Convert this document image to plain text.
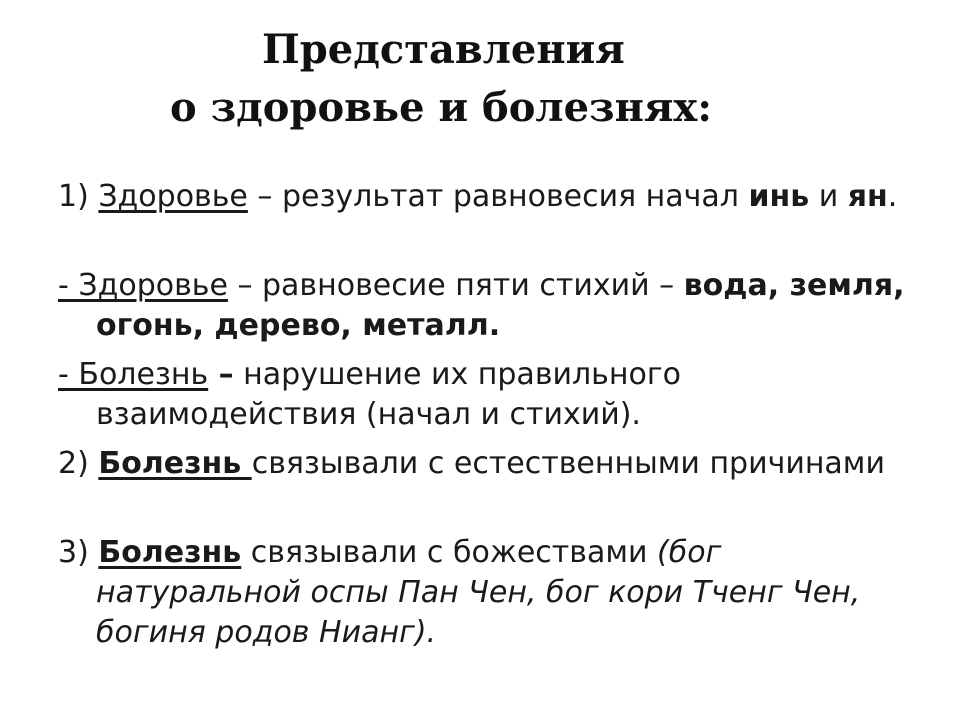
Представления
о здоровье и болезнях:

1) Здоровье – результат равновесия начал инь и ян.

- Здоровье – равновесие пяти стихий – вода, земля, огонь, дерево, металл.

- Болезнь – нарушение их правильного взаимодействия (начал и стихий).

2) Болезнь связывали с естественными причинами

3) Болезнь связывали с божествами (бог натуральной оспы Пан Чен, бог кори Тченг Чен, богиня родов Нианг).
